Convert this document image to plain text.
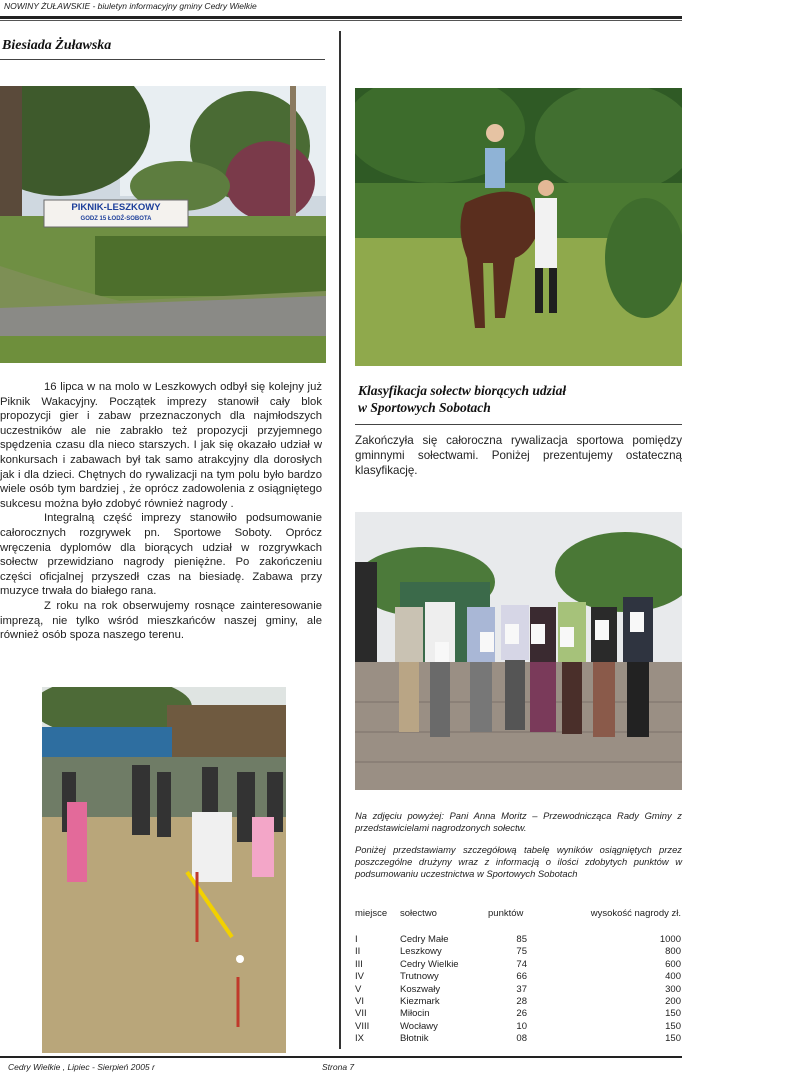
NOWINY ŻUŁAWSKIE - biuletyn informacyjny gminy Cedry Wielkie
Biesiada Żuławska
PIKNIK-LESZKOWY
GODZ 15 ŁODŹ-SOBOTA

16 lipca w na molo w Leszkowych odbył się kolejny już Piknik Wakacyjny. Początek imprezy stanowił cały blok propozycji gier i zabaw przeznaczonych dla najmłodszych uczestników ale nie zabrakło też propozycji przyjemnego spędzenia czasu dla nieco starszych. I jak się okazało udział w konkursach i zabawach był tak samo atrakcyjny dla dorosłych jak i dla dzieci. Chętnych do rywalizacji na tym polu było bardzo wiele osób tym bardziej , że oprócz zadowolenia z osiągniętego sukcesu można było zdobyć również nagrody .

Integralną część imprezy stanowiło podsumowanie całorocznych rozgrywek pn. Sportowe Soboty. Oprócz wręczenia dyplomów dla biorących udział w rozgrywkach sołectw przewidziano nagrody pieniężne. Po zakończeniu części oficjalnej przyszedł czas na biesiadę. Zabawa przy muzyce trwała do białego rana.

Z roku na rok obserwujemy rosnące zainteresowanie imprezą, nie tylko wśród mieszkańców naszej gminy, ale również osób spoza naszego terenu.

Klasyfikacja sołectw biorących udział
w Sportowych Sobotach
Zakończyła się całoroczna rywalizacja sportowa pomiędzy gminnymi sołectwami. Poniżej prezentujemy ostateczną klasyfikację.

Na zdjęciu powyżej: Pani Anna Moritz – Przewodnicząca Rady Gminy z przedstawicielami nagrodzonych sołectw.

Poniżej przedstawiamy szczegółową tabelę wyników osiągniętych przez poszczególne drużyny wraz z informacją o ilości zdobytych punktów w podsumowaniu uczestnictwa w Sportowych Sobotach

miejsce sołectwo	punktów	wysokość nagrody zł.
I	Cedry Małe	85	1000
II	Leszkowy	75	800
III	Cedry Wielkie	74	600
IV	Trutnowy	66	400
V	Koszwały	37	300
VI	Kiezmark	28	200
VII	Miłocin	26	150
VIII	Wocławy	10	150
IX	Błotnik	08	150
Cedry Wielkie , Lipiec - Sierpień 2005 r	Strona 7
